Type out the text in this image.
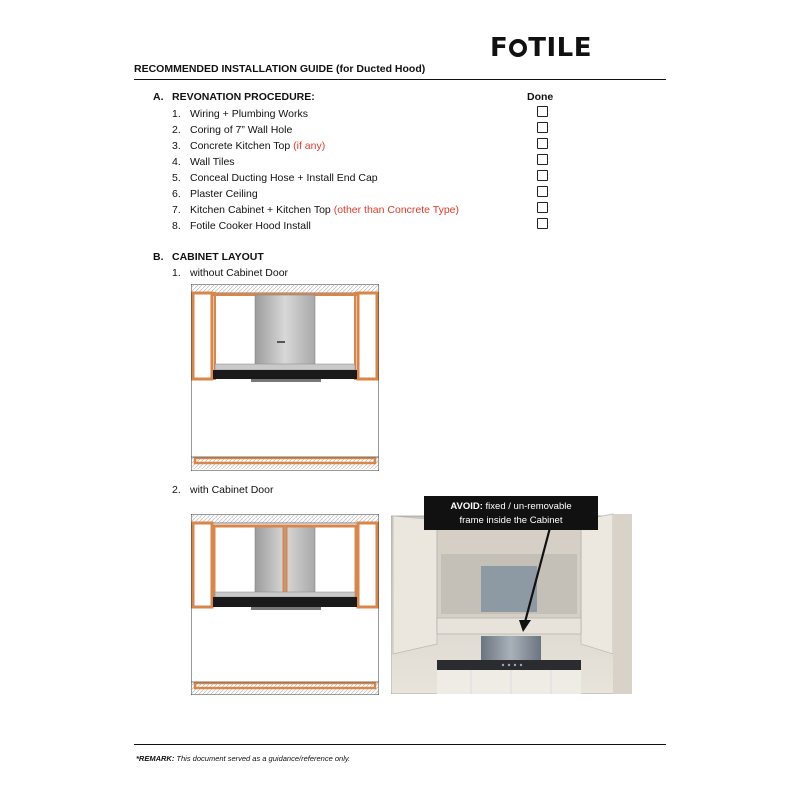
F TILE
RECOMMENDED INSTALLATION GUIDE (for Ducted Hood)
A. REVONATION PROCEDURE:	Done
1. Wiring + Plumbing Works
2. Coring of 7” Wall Hole
3. Concrete Kitchen Top (if any)
4. Wall Tiles
5. Conceal Ducting Hose + Install End Cap
6. Plaster Ceiling
7. Kitchen Cabinet + Kitchen Top (other than Concrete Type)
8. Fotile Cooker Hood Install
B. CABINET LAYOUT
1. without Cabinet Door
2. with Cabinet Door
AVOID: fixed / un-removable
frame inside the Cabinet
*REMARK: This document served as a guidance/reference only.
